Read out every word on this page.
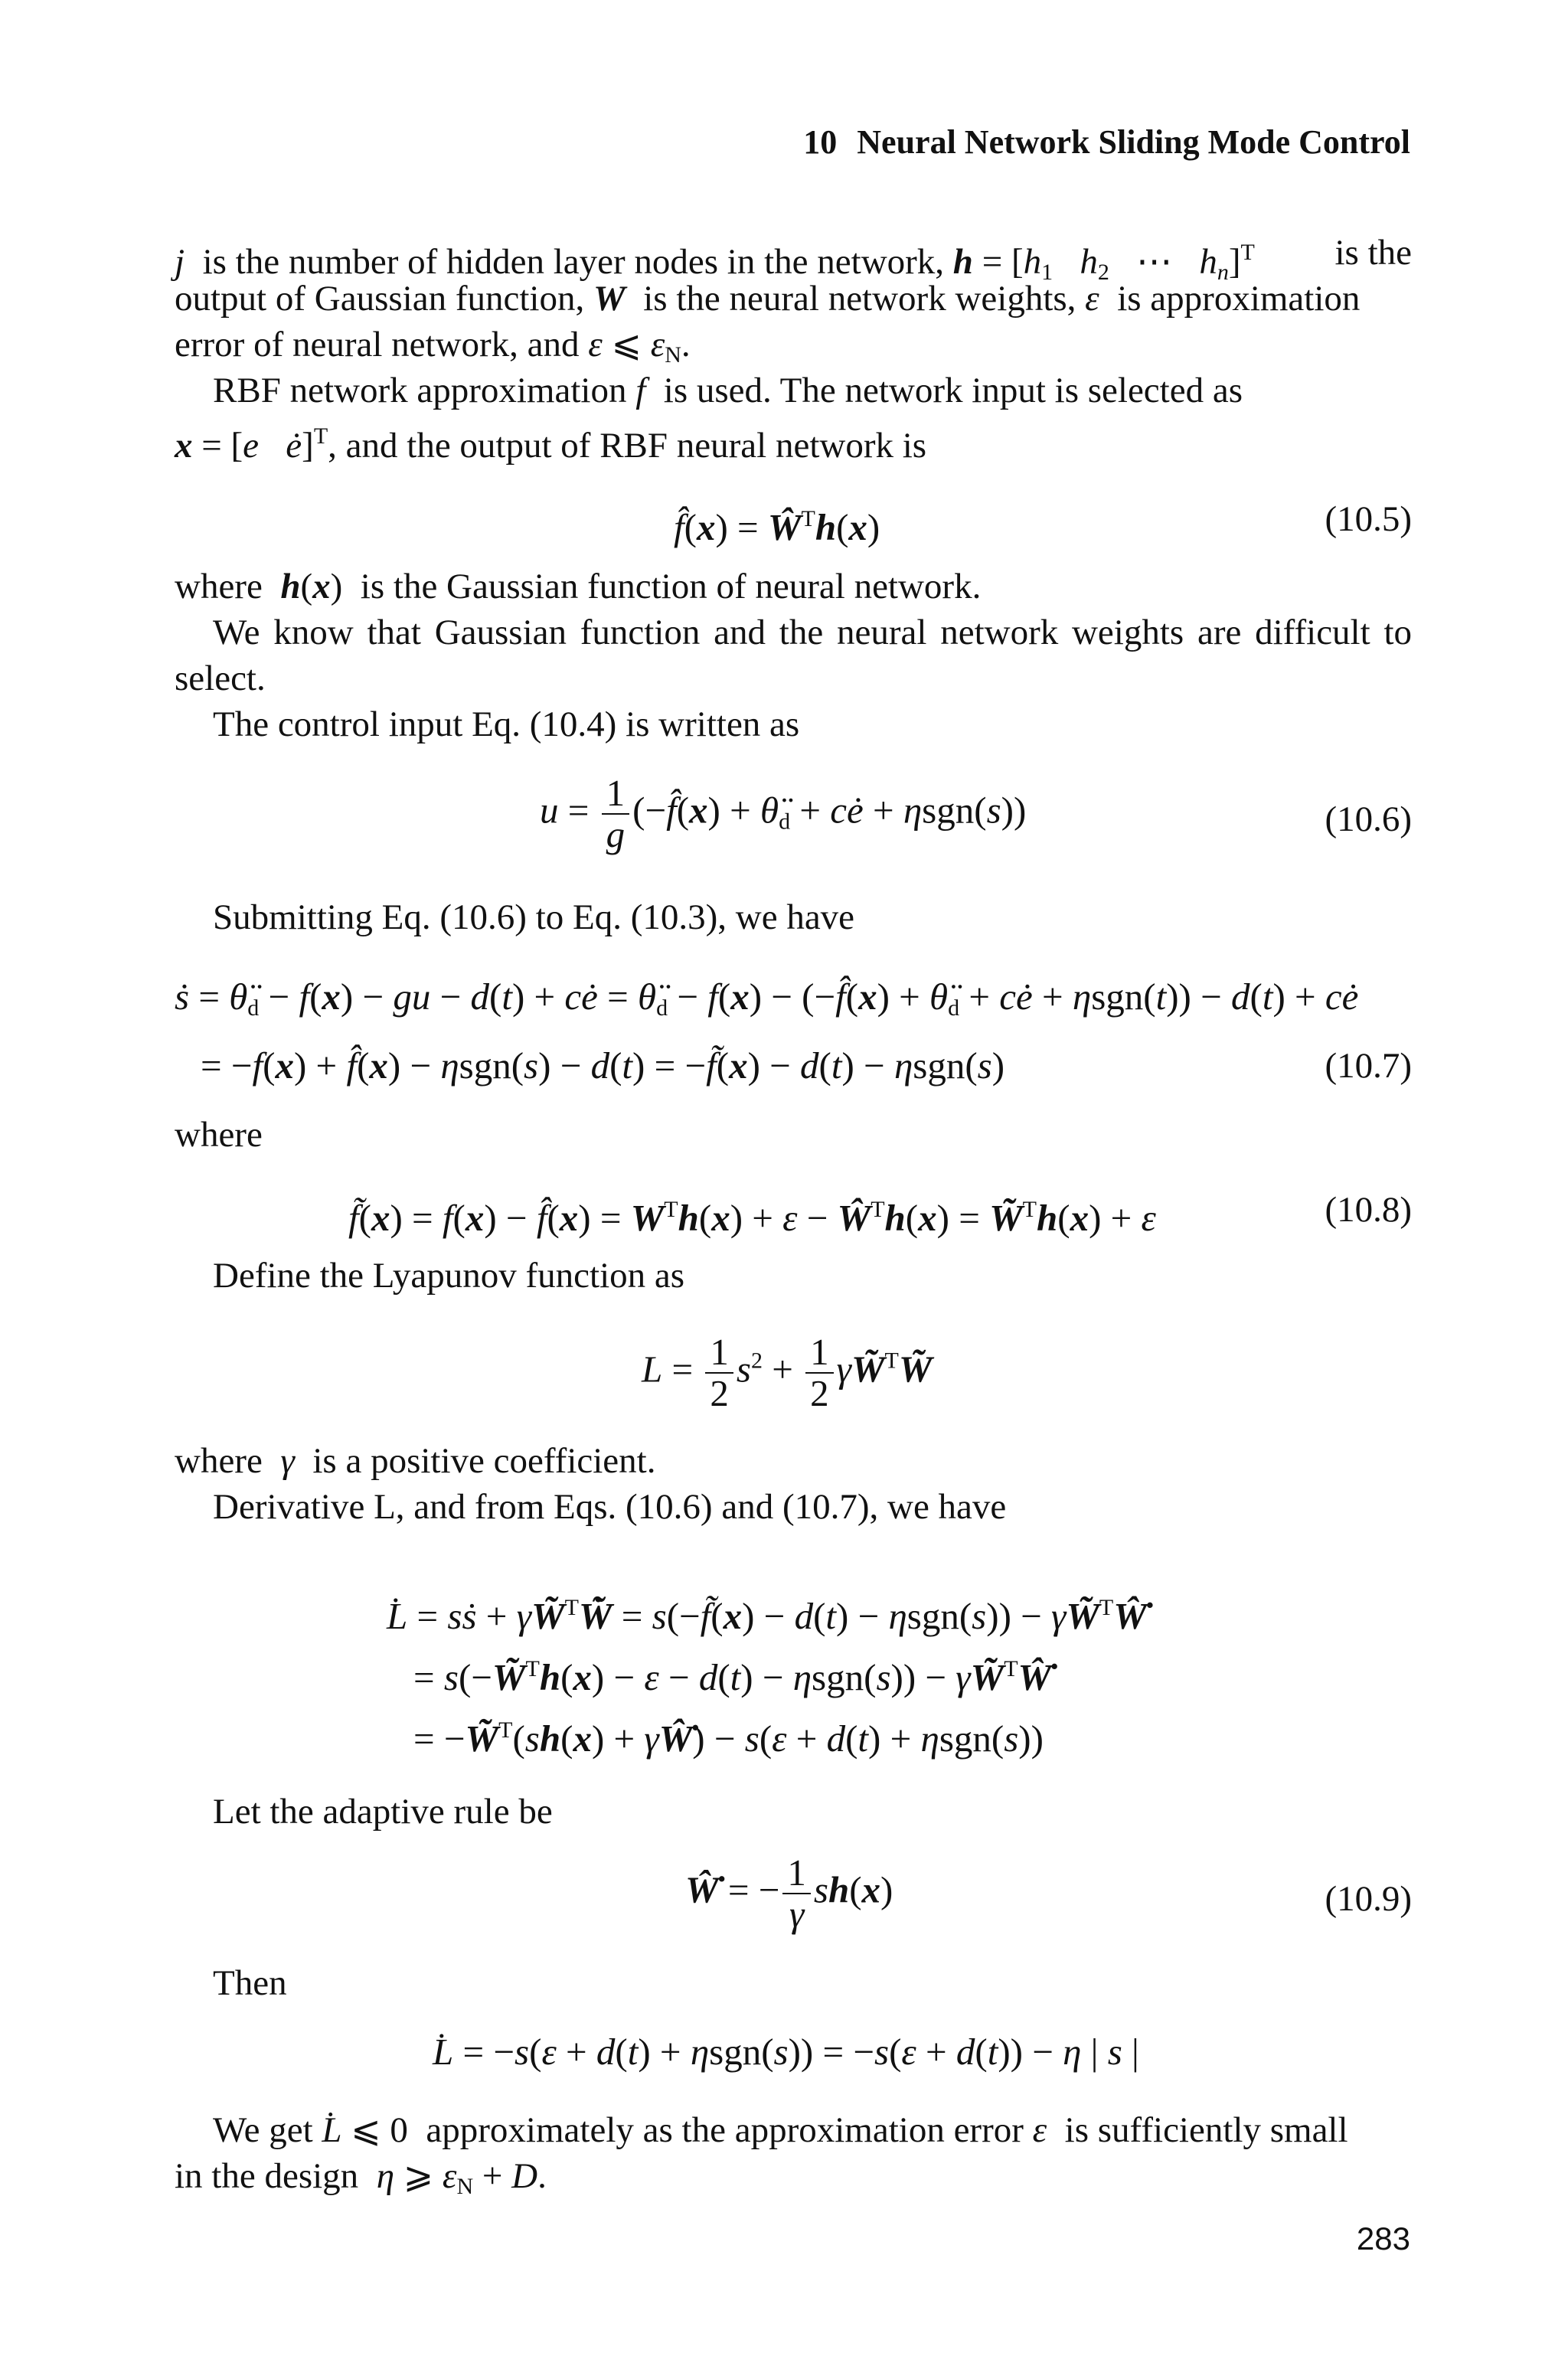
10 Neural Network Sliding Mode Control
j is the number of hidden layer nodes in the network, $h = [h_1$ $h_2$   ⋯   $h_n]^T$ is the
output of Gaussian function, W is the neural network weights, ε is approximation
error of neural network, and ε ⩽ $\varepsilon_N$.
RBF network approximation f is used. The network input is selected as
x = [e ė]$^T$, and the output of RBF neural network is
f̂(x) = $Ŵ^Th(x)$	(10.5)
where h(x)  is the Gaussian function of neural network.
We know that Gaussian function and the neural network weights are difficult to select.
The control input Eq. (10.4) is written as
$u = \frac{1}{g}$ (−f̂(x) + $\thetä_d$ + cė + ηsgn(s))	(10.6)
Submitting Eq. (10.6) to Eq. (10.3), we have
ṡ = $\thetä_d - f(x)$ − gu − d(t) + cė = $\thetä_d - f(x)$ − (−f̂(x) + $\thetä_d$ + cė + ηsgn(t)) − d(t) + cė
= −f(x) + f̂(x) − ηsgn(s) − d(t) = −f̃(x) − d(t) − ηsgn(s)	(10.7)
where
f̃(x) = f(x) − f̂(x) = $W^Th(x) + \varepsilon$ − $Ŵ^Th(x)$ = W̃$^T$h(x) + ε	(10.8)
Define the Lyapunov function as
$L = \frac{1}{2} s^2 + \frac{1}{2}$ γW̃$^T$W̃
where γ is a positive coefficient.
Derivative L, and from Eqs. (10.6) and (10.7), we have
L̇ = sṡ + γW̃$^T$W̃̇ = s(−f̃(x) − d(t) − ηsgn(s)) − γW̃$^T$Ŵ̇
= s(−W̃$^T$h(x) − ε − d(t) − ηsgn(s)) − γW̃$^T$Ŵ̇
= −W̃$^T$(sh(x) + γŴ̇) − s(ε + d(t) + ηsgn(s))
Let the adaptive rule be
Ŵ̇ = − $\frac{1}{\gamma} sh(x)$	(10.9)
Then
L̇ = −s(ε + d(t) + ηsgn(s)) = −s(ε + d(t)) − η | s |
We get L̇ ⩽ 0  approximately as the approximation error ε is sufficiently small
in the design η ⩾ $\varepsilon_N + D$.
283
